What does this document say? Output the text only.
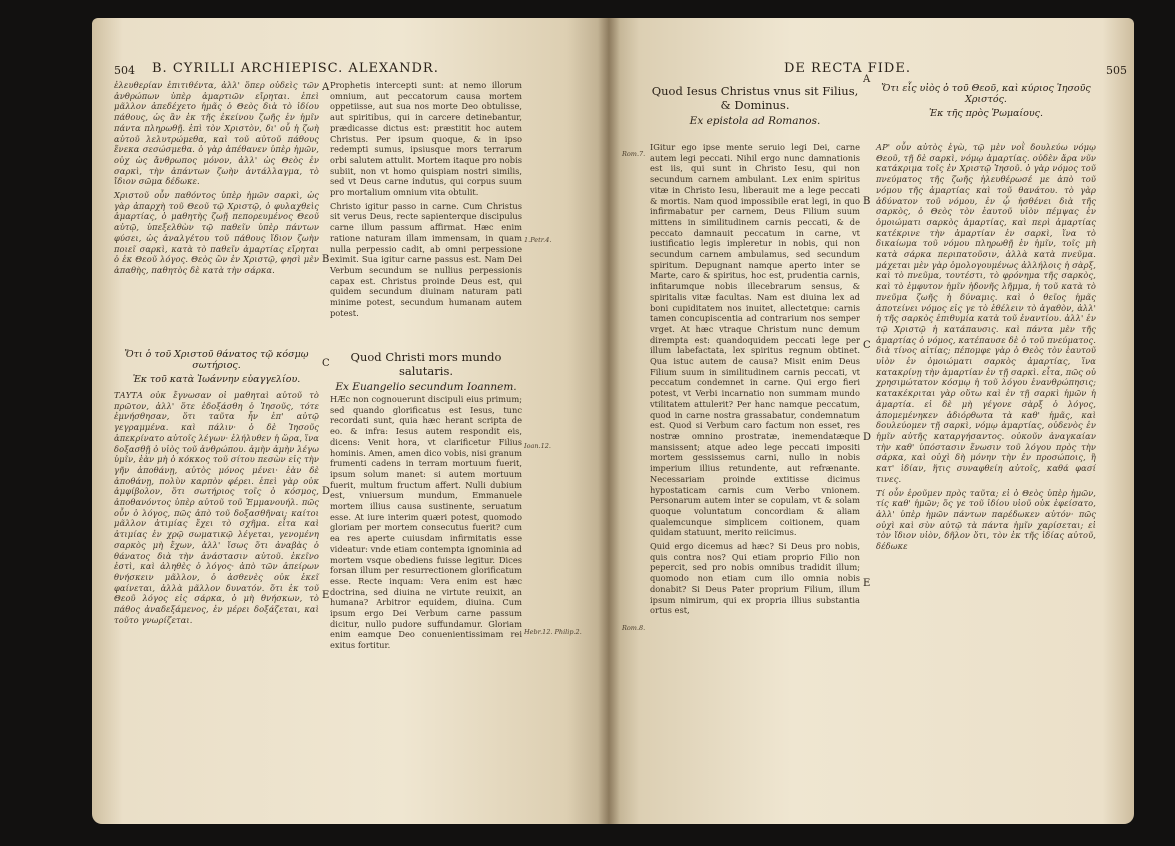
504 B. CYRILLI ARCHIEPISC. ALEXANDR.

ἐλευθερίαν ἐπιτιθέντα, ἀλλ' ὅπερ οὐδεὶς τῶν ἀνθρώπων ὑπὲρ ἁμαρτιῶν εἴρηται. ἐπεὶ μᾶλλον ἀπεδέχετο ἡμᾶς ὁ Θεὸς διὰ τὸ ἰδίου πάθους, ὡς ἂν ἐκ τῆς ἐκείνου ζωῆς ἐν ἡμῖν πάντα πληρωθῇ. ἐπὶ τὸν Χριστὸν, δι' οὗ ἡ ζωὴ αὐτοῦ λελυτρώμεθα, καὶ τοῦ αὐτοῦ πάθους ἕνεκα σεσώσμεθα. ὁ γὰρ ἀπέθανεν ὑπὲρ ἡμῶν, οὐχ ὡς ἄνθρωπος μόνον, ἀλλ' ὡς Θεὸς ἐν σαρκὶ, τὴν ἀπάντων ζωὴν ἀντάλλαγμα, τὸ ἴδιον σῶμα δέδωκε.

Χριστοῦ οὖν παθόντος ὑπὲρ ἡμῶν σαρκὶ, ὡς γὰρ ἀπαρχὴ τοῦ Θεοῦ τῷ Χριστῷ, ὁ φυλαχθεὶς ἁμαρτίας, ὁ μαθητὴς ζωῇ πεπορευμένος Θεοῦ αὐτῷ, ὑπεξελθὼν τῷ παθεῖν ὑπὲρ πάντων φύσει, ὡς ἀναλγέτου τοῦ πάθους ἴδιον ζωὴν ποιεῖ σαρκὶ, κατὰ τὸ παθεῖν ἁμαρτίας εἴρηται ὁ ἐκ Θεοῦ λόγος. Θεὸς ὢν ἐν Χριστῷ, φησὶ μὲν ἀπαθὴς, παθητὸς δὲ κατὰ τὴν σάρκα.

Ὅτι ὁ τοῦ Χριστοῦ θάνατος τῷ κόσμῳ σωτήριος.
Ἐκ τοῦ κατὰ Ἰωάννην εὐαγγελίου.

ΤΑΥΤΑ οὐκ ἔγνωσαν οἱ μαθηταὶ αὐτοῦ τὸ πρῶτον, ἀλλ' ὅτε ἐδοξάσθη ὁ Ἰησοῦς, τότε ἐμνήσθησαν, ὅτι ταῦτα ἦν ἐπ' αὐτῷ γεγραμμένα. καὶ πάλιν· ὁ δὲ Ἰησοῦς ἀπεκρίνατο αὐτοῖς λέγων· ἐλήλυθεν ἡ ὥρα, ἵνα δοξασθῇ ὁ υἱὸς τοῦ ἀνθρώπου. ἀμὴν ἀμὴν λέγω ὑμῖν, ἐὰν μὴ ὁ κόκκος τοῦ σίτου πεσὼν εἰς τὴν γῆν ἀποθάνῃ, αὐτὸς μόνος μένει· ἐὰν δὲ ἀποθάνῃ, πολὺν καρπὸν φέρει. ἐπεὶ γὰρ οὐκ ἀμφίβολον, ὅτι σωτήριος τοῖς ὁ κόσμος, ἀποθανόντος ὑπὲρ αὐτοῦ τοῦ Ἐμμανουήλ. πῶς οὖν ὁ λόγος, πῶς ἀπὸ τοῦ δοξασθῆναι; καίτοι μᾶλλον ἀτιμίας ἔχει τὸ σχῆμα. εἶτα καὶ ἀτιμίας ἐν χρῷ σωματικῷ λέγεται, γενομένη σαρκὸς μὴ ἔχων, ἀλλ' ἴσως ὅτι ἀναβὰς ὁ θάνατος διὰ τὴν ἀνάστασιν αὐτοῦ. ἐκεῖνο ἐστὶ, καὶ ἀληθὲς ὁ λόγος· ἀπὸ τῶν ἀπείρων θνήσκειν μᾶλλον, ὁ ἀσθενὲς οὐκ ἐκεῖ φαίνεται, ἀλλὰ μᾶλλον δυνατόν. ὅτι ἐκ τοῦ Θεοῦ λόγος εἰς σάρκα, ὁ μὴ θνήσκων, τὸ πάθος ἀναδεξάμενος, ἐν μέρει δοξάζεται, καὶ τοῦτο γνωρίζεται.

Prophetis intercepti sunt: at nemo illorum omnium, aut peccatorum causa mortem oppetiisse, aut sua nos morte Deo obtulisse, aut spiritibus, qui in carcere detinebantur, prædicasse dictus est: præstitit hoc autem Christus. Per ipsum quoque, & in ipso redempti sumus, ipsiusque mors terrarum orbi salutem attulit. Mortem itaque pro nobis subiit, non vt homo quispiam nostri similis, sed vt Deus carne indutus, qui corpus suum pro mortalium omnium vita obtulit.

Christo igitur passo in carne. Cum Christus sit verus Deus, recte sapienterque discipulus carne illum passum affirmat. Hæc enim ratione naturam illam immensam, in quam nulla perpessio cadit, ab omni perpessione eximit. Sua igitur carne passus est. Nam Dei Verbum secundum se nullius perpessionis capax est. Christus proinde Deus est, qui quidem secundum diuinam naturam pati minime potest, secundum humanam autem potest.

Quod Christi mors mundo salutaris.
Ex Euangelio secundum Ioannem.

HÆc non cognouerunt discipuli eius primum; sed quando glorificatus est Iesus, tunc recordati sunt, quia hæc herant scripta de eo. & infra: Iesus autem respondit eis, dicens: Venit hora, vt clarificetur Filius hominis. Amen, amen dico vobis, nisi granum frumenti cadens in terram mortuum fuerit, ipsum solum manet: si autem mortuum fuerit, multum fructum affert. Nulli dubium est, vniuersum mundum, Emmanuele mortem illius causa sustinente, seruatum esse. At iure interim quæri potest, quomodo gloriam per mortem consecutus fuerit? cum ea res aperte cuiusdam infirmitatis esse videatur: vnde etiam contempta ignominia ad mortem vsque obediens fuisse legitur. Dices forsan illum per resurrectionem glorificatum esse. Recte inquam: Vera enim est hæc doctrina, sed diuina ne virtute reuixit, an humana? Arbitror equidem, diuina. Cum ipsum ergo Dei Verbum carne passum dicitur, nullo pudore suffundamur. Gloriam enim eamque Deo conuenientissimam rei exitus fortitur.

A
B
C
D
E
1.Petr.4.
Ioan.12.
Hebr.12. Philip.2.
DE RECTA FIDE.	505
Quod Iesus Christus vnus sit Filius, & Dominus.
Ex epistola ad Romanos.

IGitur ego ipse mente seruio legi Dei, carne autem legi peccati. Nihil ergo nunc damnationis est iis, qui sunt in Christo Iesu, qui non secundum carnem ambulant. Lex enim spiritus vitæ in Christo Iesu, liberauit me a lege peccati & mortis. Nam quod impossibile erat legi, in quo infirmabatur per carnem, Deus Filium suum mittens in similitudinem carnis peccati, & de peccato damnauit peccatum in carne, vt iustificatio legis impleretur in nobis, qui non secundum carnem ambulamus, sed secundum spiritum. Depugnant namque aperto inter se Marte, caro & spiritus, hoc est, prudentia carnis, infitarumque nobis illecebrarum sensus, & spiritalis vitæ facultas. Nam est diuina lex ad boni cupiditatem nos inuitet, allectetque: carnis tamen concupiscentia ad contrarium nos semper vrget. At hæc vtraque Christum nunc demum dirempta est: quandoquidem peccati lege per illum labefactata, lex spiritus regnum obtinet. Qua istuc autem de causa? Misit enim Deus Filium suum in similitudinem carnis peccati, vt peccatum condemnet in carne. Qui ergo fieri potest, vt Verbi incarnatio non summam mundo vtilitatem attulerit? Per hanc namque peccatum, quod in carne nostra grassabatur, condemnatum est. Quod si Verbum caro factum non esset, res nostræ omnino prostratæ, inemendatæque mansissent; atque adeo lege peccati impositi mortem gessissemus carni, nullo in nobis imperium illius retundente, aut refrænante. Necessariam proinde extitisse dicimus hypostaticam carnis cum Verbo vnionem. Personarum autem inter se copulam, vt & solam quoque voluntatum concordiam & aliam qualemcunque simplicem coitionem, quam quidam statuunt, merito reiicimus.

Quid ergo dicemus ad hæc? Si Deus pro nobis, quis contra nos? Qui etiam proprio Filio non pepercit, sed pro nobis omnibus tradidit illum; quomodo non etiam cum illo omnia nobis donabit? Si Deus Pater proprium Filium, illum ipsum nimirum, qui ex propria illius substantia ortus est,

Ὅτι εἷς υἱὸς ὁ τοῦ Θεοῦ, καὶ κύριος Ἰησοῦς Χριστός.
Ἐκ τῆς πρὸς Ῥωμαίους.

ΑΡ' οὖν αὐτὸς ἐγὼ, τῷ μὲν νοῒ δουλεύω νόμῳ Θεοῦ, τῇ δὲ σαρκὶ, νόμῳ ἁμαρτίας. οὐδὲν ἄρα νῦν κατάκριμα τοῖς ἐν Χριστῷ Ἰησοῦ. ὁ γὰρ νόμος τοῦ πνεύματος τῆς ζωῆς ἠλευθέρωσέ με ἀπὸ τοῦ νόμου τῆς ἁμαρτίας καὶ τοῦ θανάτου. τὸ γὰρ ἀδύνατον τοῦ νόμου, ἐν ᾧ ἠσθένει διὰ τῆς σαρκὸς, ὁ Θεὸς τὸν ἑαυτοῦ υἱὸν πέμψας ἐν ὁμοιώματι σαρκὸς ἁμαρτίας, καὶ περὶ ἁμαρτίας κατέκρινε τὴν ἁμαρτίαν ἐν σαρκὶ, ἵνα τὸ δικαίωμα τοῦ νόμου πληρωθῇ ἐν ἡμῖν, τοῖς μὴ κατὰ σάρκα περιπατοῦσιν, ἀλλὰ κατὰ πνεῦμα. μάχεται μὲν γὰρ ὁμολογουμένως ἀλλήλοις ἡ σὰρξ, καὶ τὸ πνεῦμα, τουτέστι, τὸ φρόνημα τῆς σαρκὸς, καὶ τὸ ἐμφυτον ἡμῖν ἡδονῆς λῆμμα, ἡ τοῦ κατὰ τὸ πνεῦμα ζωῆς ἡ δύναμις. καὶ ὁ θεῖος ἡμᾶς ἀποτείνει νόμος εἰς γε τὸ ἐθέλειν τὸ ἀγαθὸν, ἀλλ' ἡ τῆς σαρκὸς ἐπιθυμία κατὰ τοῦ ἐναντίου. ἀλλ' ἐν τῷ Χριστῷ ἡ κατάπαυσις. καὶ πάντα μὲν τῆς ἁμαρτίας ὁ νόμος, κατέπαυσε δὲ ὁ τοῦ πνεύματος. διὰ τίνος αἰτίας; πέπομφε γὰρ ὁ Θεὸς τὸν ἑαυτοῦ υἱὸν ἐν ὁμοιώματι σαρκὸς ἁμαρτίας, ἵνα κατακρίνῃ τὴν ἁμαρτίαν ἐν τῇ σαρκὶ. εἶτα, πῶς οὐ χρησιμώτατον κόσμῳ ἡ τοῦ λόγου ἐνανθρώπησις; κατακέκριται γὰρ οὕτω καὶ ἐν τῇ σαρκὶ ἡμῶν ἡ ἁμαρτία. εἰ δὲ μὴ γέγονε σὰρξ ὁ λόγος, ἀπομεμένηκεν ἀδιόρθωτα τὰ καθ' ἡμᾶς, καὶ δουλεύομεν τῇ σαρκὶ, νόμῳ ἁμαρτίας, οὐδενὸς ἐν ἡμῖν αὐτῆς καταργήσαντος. οὐκοῦν ἀναγκαίαν τὴν καθ' ὑπόστασιν ἕνωσιν τοῦ λόγου πρὸς τὴν σάρκα, καὶ οὐχὶ δὴ μόνην τὴν ἐν προσώποις, ἢ κατ' ἰδίαν, ἥτις συναφθείη αὐτοῖς, καθά φασί τινες.

Τί οὖν ἐροῦμεν πρὸς ταῦτα; εἰ ὁ Θεὸς ὑπὲρ ἡμῶν, τίς καθ' ἡμῶν; ὅς γε τοῦ ἰδίου υἱοῦ οὐκ ἐφείσατο, ἀλλ' ὑπὲρ ἡμῶν πάντων παρέδωκεν αὐτόν· πῶς οὐχὶ καὶ σὺν αὐτῷ τὰ πάντα ἡμῖν χαρίσεται; εἰ τὸν ἴδιον υἱὸν, δῆλον ὅτι, τὸν ἐκ τῆς ἰδίας αὐτοῦ, δέδωκε

A
B
C
D
E
Rom.7.
Rom.8.
